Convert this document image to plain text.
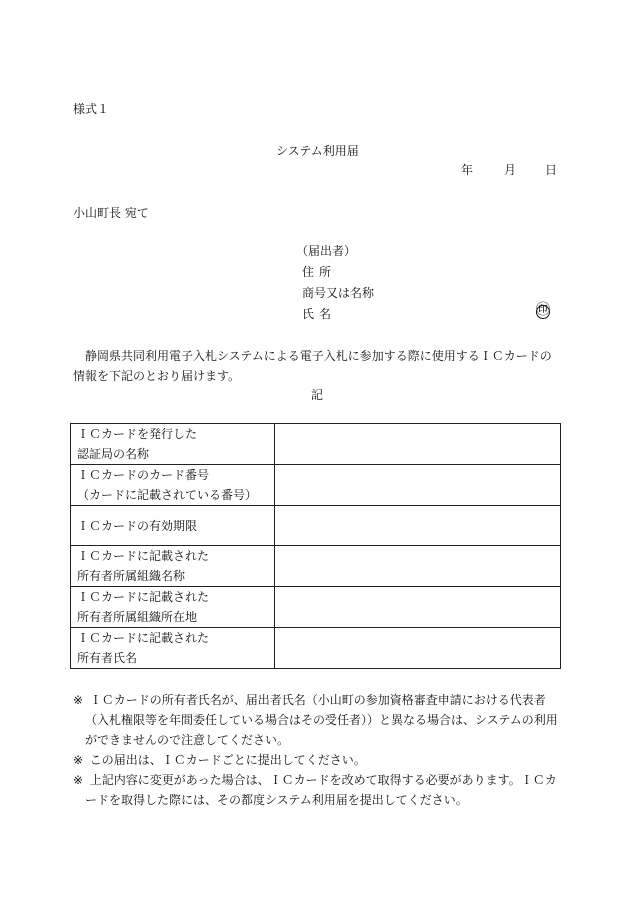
様式１
システム利用届
年	月 日
小山町長 宛て
（届出者）
住所
商号又は名称
氏名	㊞
静岡県共同利用電子入札システムによる電子入札に参加する際に使用するＩＣカードの情報を下記のとおり届けます。
記
ＩＣカードを発行した
認証局の名称	

ＩＣカードのカード番号
（カードに記載されている番号）	

ＩＣカードの有効期限	

ＩＣカードに記載された
所有者所属組織名称	

ＩＣカードに記載された
所有者所属組織所在地	

ＩＣカードに記載された
所有者氏名	

※ ＩＣカードの所有者氏名が、届出者氏名（小山町の参加資格審査申請における代表者（入札権限等を年間委任している場合はその受任者））と異なる場合は、システムの利用ができませんので注意してください。

※ この届出は、ＩＣカードごとに提出してください。

※ 上記内容に変更があった場合は、ＩＣカードを改めて取得する必要があります。ＩＣカードを取得した際には、その都度システム利用届を提出してください。
